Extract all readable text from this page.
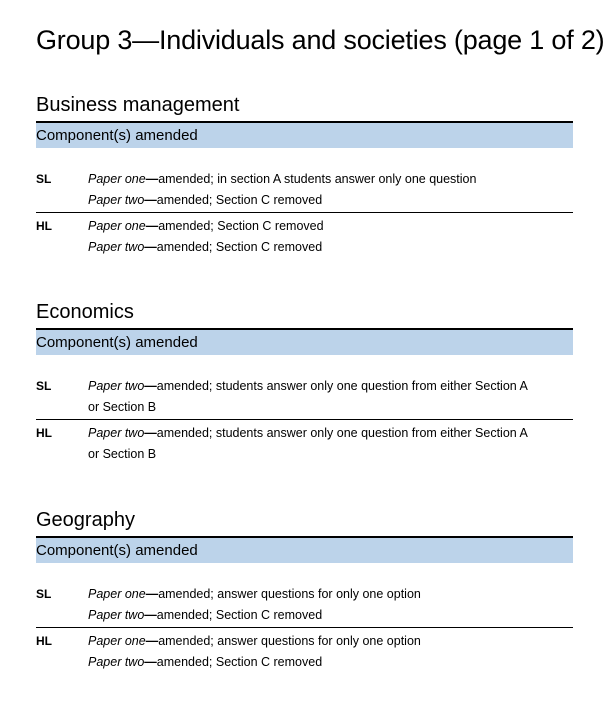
Group 3—Individuals and societies (page 1 of 2)
Business management
Component(s) amended
SL	Paper one—amended; in section A students answer only one question
Paper two—amended; Section C removed
HL	Paper one—amended; Section C removed
Paper two—amended; Section C removed
Economics
Component(s) amended
SL	Paper two—amended; students answer only one question from either Section A
or Section B
HL	Paper two—amended; students answer only one question from either Section A
or Section B
Geography
Component(s) amended
SL	Paper one—amended; answer questions for only one option
Paper two—amended; Section C removed
HL	Paper one—amended; answer questions for only one option
Paper two—amended; Section C removed
